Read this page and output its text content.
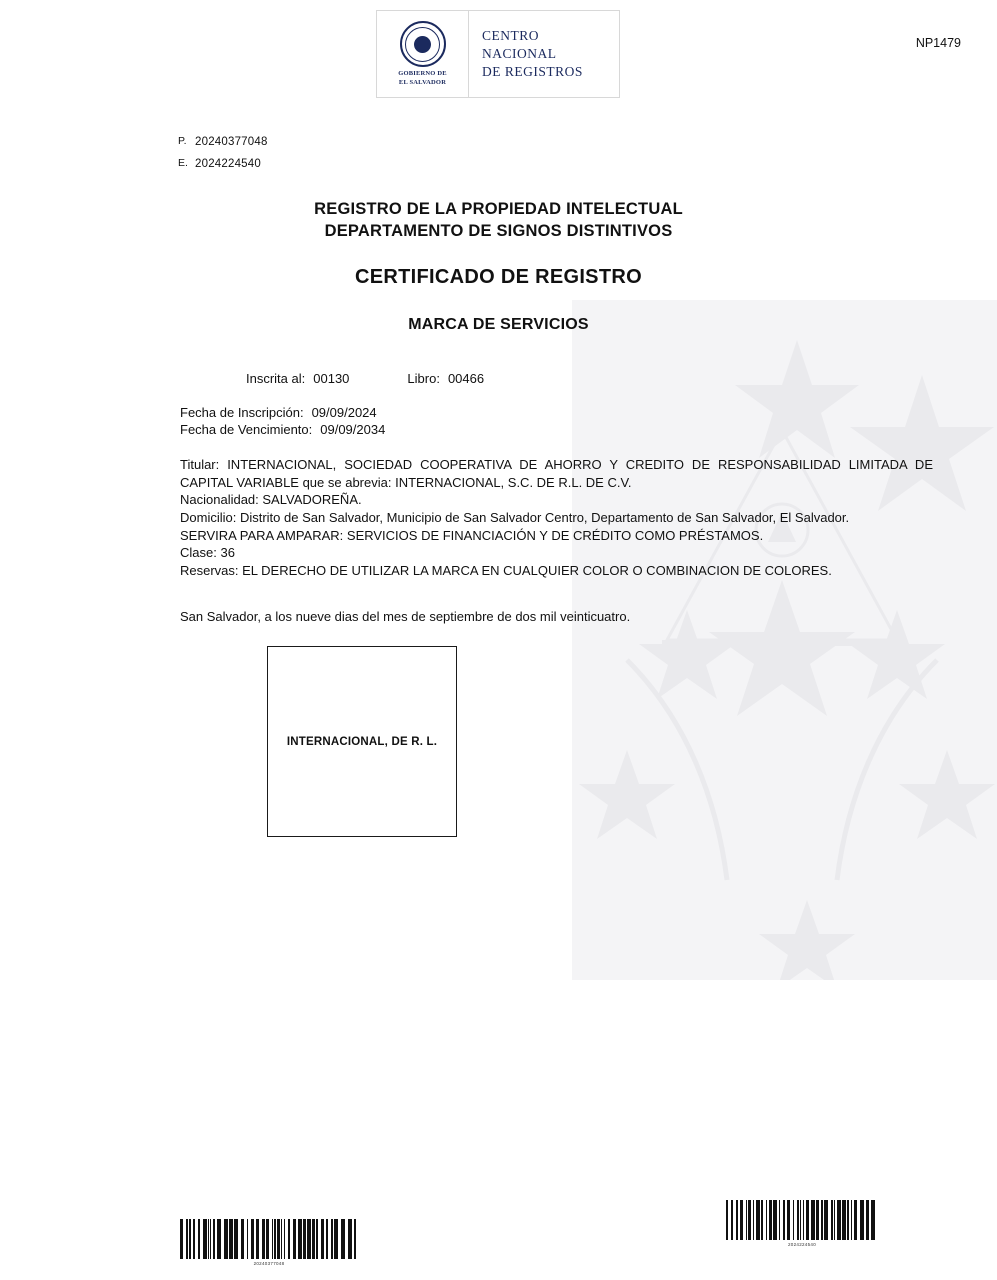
GOBIERNO DE
EL SALVADOR
CENTRO
NACIONAL
DE REGISTROS
NP1479
P. 20240377048
E. 2024224540
REGISTRO DE LA PROPIEDAD INTELECTUAL
DEPARTAMENTO DE SIGNOS DISTINTIVOS
CERTIFICADO DE REGISTRO
MARCA DE SERVICIOS
Inscrita al: 00130	Libro: 00466
Fecha de Inscripción: 09/09/2024
Fecha de Vencimiento: 09/09/2034
Titular: INTERNACIONAL, SOCIEDAD COOPERATIVA DE AHORRO Y CREDITO DE RESPONSABILIDAD LIMITADA DE CAPITAL VARIABLE que se abrevia: INTERNACIONAL, S.C. DE R.L. DE C.V.
Nacionalidad: SALVADOREÑA.
Domicilio: Distrito de San Salvador, Municipio de San Salvador Centro, Departamento de San Salvador, El Salvador.
SERVIRA PARA AMPARAR: SERVICIOS DE FINANCIACIÓN Y DE CRÉDITO COMO PRÉSTAMOS.
Clase: 36
Reservas: EL DERECHO DE UTILIZAR LA MARCA EN CUALQUIER COLOR O COMBINACION DE COLORES.
San Salvador, a los nueve dias del mes de septiembre de dos mil veinticuatro.
INTERNACIONAL, DE R. L.
20240377048
2024224540
